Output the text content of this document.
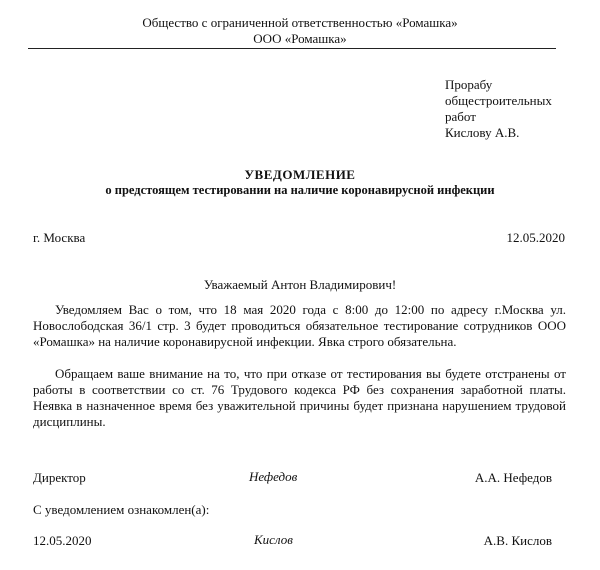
Общество с ограниченной ответственностью «Ромашка»
ООО «Ромашка»
Прорабу
общестроительных
работ
Кислову А.В.
УВЕДОМЛЕНИЕ
о предстоящем тестировании на наличие коронавирусной инфекции
г. Москва	12.05.2020
Уважаемый Антон Владимирович!
Уведомляем Вас о том, что 18 мая 2020 года с 8:00 до 12:00 по адресу г.Москва ул. Новослободская 36/1 стр. 3 будет проводиться обязательное тестирование сотрудников ООО «Ромашка» на наличие коронавирусной инфекции. Явка строго обязательна.
Обращаем ваше внимание на то, что при отказе от тестирования вы будете отстранены от работы в соответствии со ст. 76 Трудового кодекса РФ без сохранения заработной платы. Неявка в назначенное время без уважительной причины будет признана нарушением трудовой дисциплины.
Директор	Нефедов	А.А. Нефедов
С уведомлением ознакомлен(а):
12.05.2020	Кислов	А.В. Кислов
